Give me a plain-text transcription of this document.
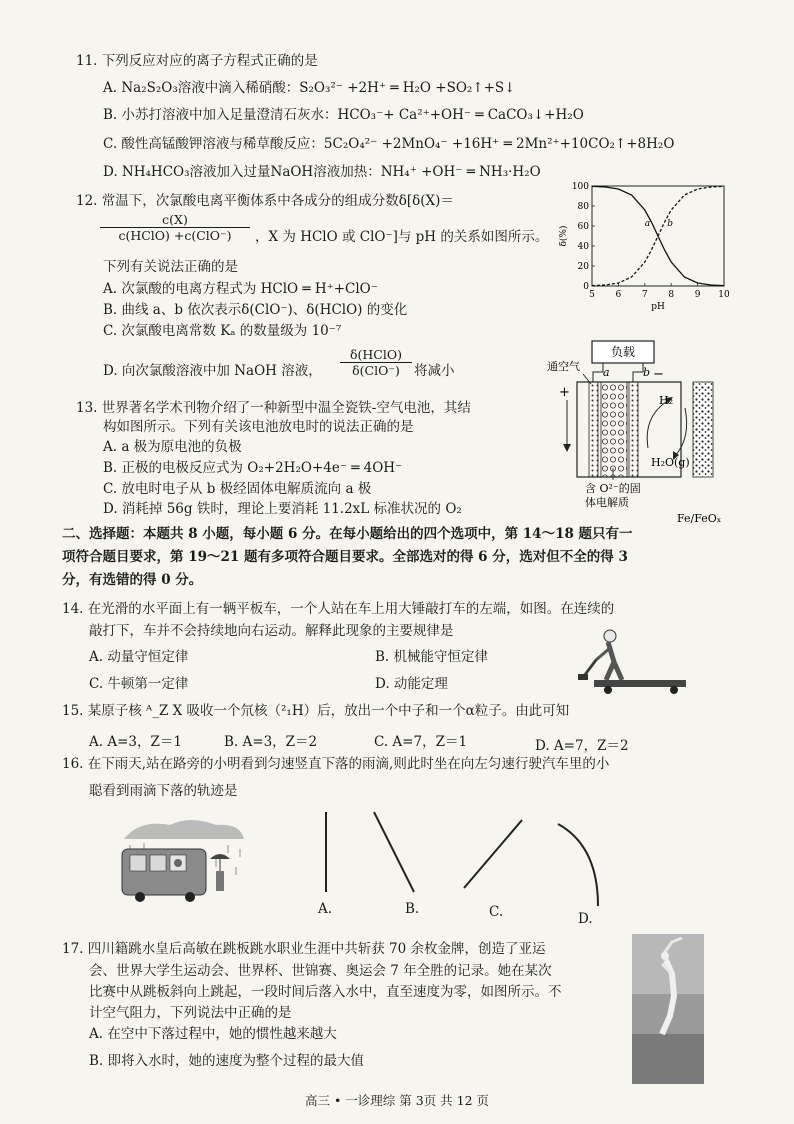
11. 下列反应对应的离子方程式正确的是
A. Na₂S₂O₃溶液中滴入稀硝酸：S₂O₃²⁻ +2H⁺ ═ H₂O +SO₂↑+S↓
B. 小苏打溶液中加入足量澄清石灰水：HCO₃⁻+ Ca²⁺+OH⁻ ═ CaCO₃↓+H₂O
C. 酸性高锰酸钾溶液与稀草酸反应：5C₂O₄²⁻ +2MnO₄⁻ +16H⁺ ═ 2Mn²⁺+10CO₂↑+8H₂O
D. NH₄HCO₃溶液加入过量NaOH溶液加热：NH₄⁺ +OH⁻ ═ NH₃·H₂O
12. 常温下，次氯酸电离平衡体系中各成分的组成分数δ[δ(X)＝
c(X)
c(HClO) +c(ClO⁻)	，X 为 HClO 或 ClO⁻]与 pH 的关系如图所示。
下列有关说法正确的是
A. 次氯酸的电离方程式为 HClO ═ H⁺+ClO⁻
B. 曲线 a、b 依次表示δ(ClO⁻)、δ(HClO) 的变化
C. 次氯酸电离常数 Kₐ 的数量级为 10⁻⁷
D. 向次氯酸溶液中加 NaOH 溶液，
δ(HClO)
δ(ClO⁻)	将减小
5 6 7 8 9 10
0
20
40
60
80
100
pH
δ(%)
a b
13. 世界著名学术刊物介绍了一种新型中温全瓷铁-空气电池，其结
构如图所示。下列有关该电池放电时的说法正确的是
A. a 极为原电池的负极
B. 正极的电极反应式为 O₂+2H₂O+4e⁻ ═ 4OH⁻
C. 放电时电子从 b 极经固体电解质流向 a 极
D. 消耗掉 56g 铁时，理论上要消耗 11.2xL 标准状况的 O₂
负载
通空气 a	b
+
−
H₂
H₂O(g)
含 O²⁻的固
体电解质
Fe/FeOₓ
二、选择题：本题共 8 小题，每小题 6 分。在每小题给出的四个选项中，第 14～18 题只有一
项符合题目要求，第 19～21 题有多项符合题目要求。全部选对的得 6 分，选对但不全的得 3
分，有选错的得 0 分。
14. 在光滑的水平面上有一辆平板车，一个人站在车上用大锤敲打车的左端，如图。在连续的
敲打下，车并不会持续地向右运动。解释此现象的主要规律是
A. 动量守恒定律	B. 机械能守恒定律
C. 牛顿第一定律	D. 动能定理
15. 某原子核 ᴬ_Z X 吸收一个氘核（²₁H）后，放出一个中子和一个α粒子。由此可知
A. A=3，Z＝1	B. A=3，Z＝2	C. A=7，Z＝1	D. A=7，Z＝2
16. 在下雨天,站在路旁的小明看到匀速竖直下落的雨滴,则此时坐在向左匀速行驶汽车里的小
聪看到雨滴下落的轨迹是
A.	B.	C.	D.
17. 四川籍跳水皇后高敏在跳板跳水职业生涯中共斩获 70 余枚金牌，创造了亚运
会、世界大学生运动会、世界杯、世锦赛、奥运会 7 年全胜的记录。她在某次
比赛中从跳板斜向上跳起，一段时间后落入水中，直至速度为零，如图所示。不
计空气阻力，下列说法中正确的是
A. 在空中下落过程中，她的惯性越来越大
B. 即将入水时，她的速度为整个过程的最大值
高三 • 一诊理综 第 3页 共 12 页
